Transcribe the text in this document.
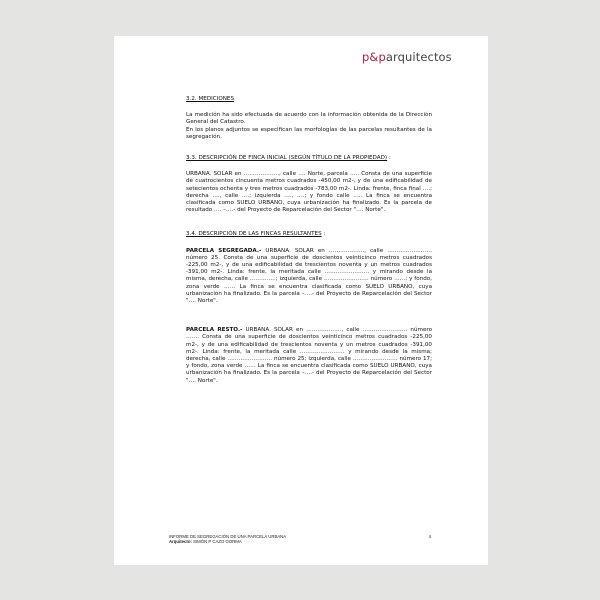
p&parquitectos

3.2. MEDICIONES

La medición ha sido efectuada de acuerdo con la información obtenida de la Dirección General del Catastro.

En los planos adjuntos se especifican las morfologías de las parcelas resultantes de la segregación.

3.3. DESCRIPCIÓN DE FINCA INICIAL (SEGÚN TÍTULO DE LA PROPIEDAD) :

URBANA. SOLAR en ………………., calle …. Norte, parcela ….. Consta de una superficie de cuatrocientos cincuenta metros cuadrados -450,00 m2-, y de una edificabilidad de setecientos ochenta y tres metros cuadrados -783,00 m2-. Linda: frente, finca final ….; derecha …., calle ….; izquierda …., ….; y fondo calle ….. La finca se encuentra clasificada como SUELO URBANO, cuya urbanización ha finalizado. Es la parcela de resultado …. –….- del Proyecto de Reparcelación del Sector "…. Norte".

3.4. DESCRIPCIÓN DE LAS FINCAS RESULTANTES :

PARCELA SEGREGADA.- URBANA. SOLAR en ………………., calle …………………… número 25. Consta de una superficie de doscientos veinticinco metros cuadrados -225,00 m2-, y de una edificabilidad de trescientos noventa y un metros cuadrados -391,00 m2-. Linda: frente, la meritada calle …………………… y mirando desde la misma, derecha, calle …………..; izquierda, calle …………………… número ……; y fondo, zona verde …… La finca se encuentra clasificada como SUELO URBANO, cuya urbanización ha finalizado. Es la parcela –….- del Proyecto de Reparcelación del Sector "…. Norte".

PARCELA RESTO.- URBANA. SOLAR en ………………., calle …………………… número ……. Consta de una superficie de doscientos veinticinco metros cuadrados -225,00 m2-, y de una edificabilidad de trescientos noventa y un metros cuadrados -391,00 m2-. Linda: frente, la meritada calle …………………… y mirando desde la misma; derecha, calle …………………… número 25; izquierda, calle …………………… número 17; y fondo, zona verde …… La finca se encuentra clasificada como SUELO URBANO, cuya urbanización ha finalizado. Es la parcela –….- del Proyecto de Reparcelación del Sector "…. Norte".

INFORME DE SEGREGACIÓN DE UNA PARCELA URBANA
Arquitecto: SIMÓN P CAZO GORMA
4
